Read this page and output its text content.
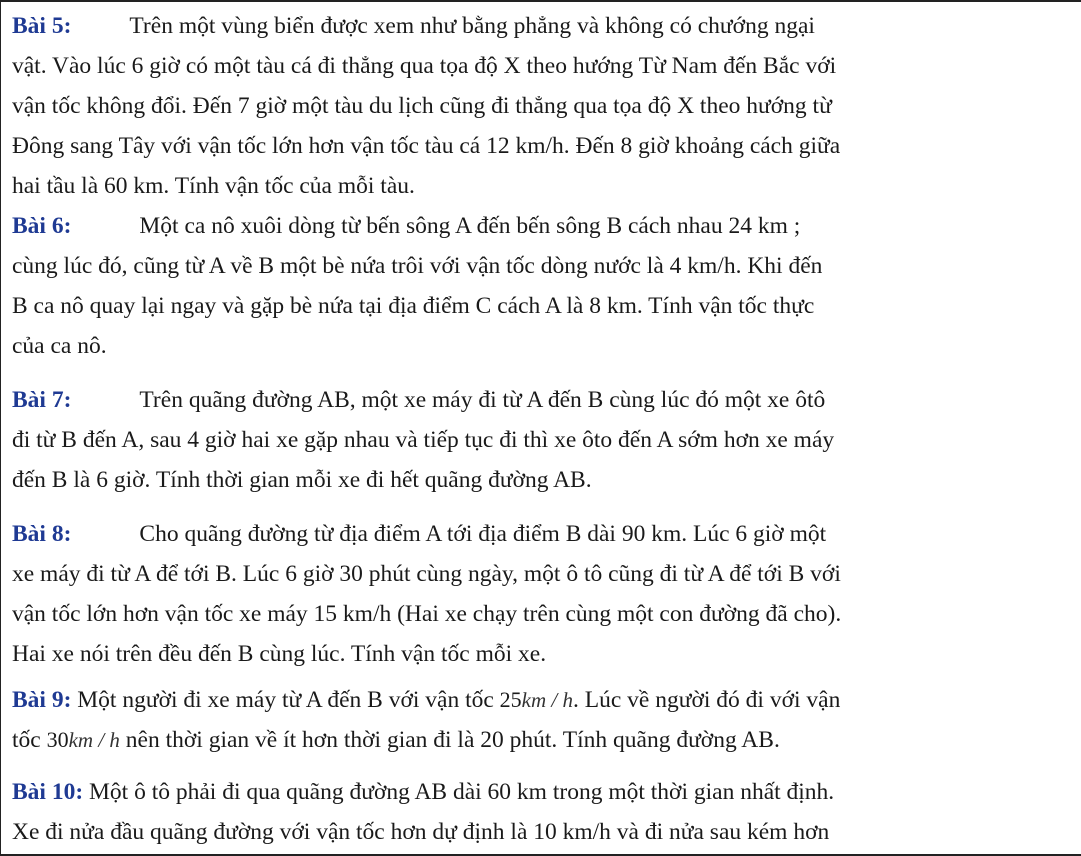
Bài 5: Trên một vùng biển được xem như bằng phẳng và không có chướng ngại
vật. Vào lúc 6 giờ có một tàu cá đi thẳng qua tọa độ X theo hướng Từ Nam đến Bắc với
vận tốc không đổi. Đến 7 giờ một tàu du lịch cũng đi thẳng qua tọa độ X theo hướng từ
Đông sang Tây với vận tốc lớn hơn vận tốc tàu cá 12 km/h. Đến 8 giờ khoảng cách giữa
hai tầu là 60 km. Tính vận tốc của mỗi tàu.
Bài 6:	Một ca nô xuôi dòng từ bến sông A đến bến sông B cách nhau 24 km ;
cùng lúc đó, cũng từ A về B một bè nứa trôi với vận tốc dòng nước là 4 km/h. Khi đến
B ca nô quay lại ngay và gặp bè nứa tại địa điểm C cách A là 8 km. Tính vận tốc thực
của ca nô.
Bài 7:	Trên quãng đường AB, một xe máy đi từ A đến B cùng lúc đó một xe ôtô
đi từ B đến A, sau 4 giờ hai xe gặp nhau và tiếp tục đi thì xe ôto đến A sớm hơn xe máy
đến B là 6 giờ. Tính thời gian mỗi xe đi hết quãng đường AB.
Bài 8:	Cho quãng đường từ địa điểm A tới địa điểm B dài 90 km. Lúc 6 giờ một
xe máy đi từ A để tới B. Lúc 6 giờ 30 phút cùng ngày, một ô tô cũng đi từ A để tới B với
vận tốc lớn hơn vận tốc xe máy 15 km/h (Hai xe chạy trên cùng một con đường đã cho).
Hai xe nói trên đều đến B cùng lúc. Tính vận tốc mỗi xe.
Bài 9: Một người đi xe máy từ A đến B với vận tốc 25km / h. Lúc về người đó đi với vận
tốc 30km / h nên thời gian về ít hơn thời gian đi là 20 phút. Tính quãng đường AB.
Bài 10: Một ô tô phải đi qua quãng đường AB dài 60 km trong một thời gian nhất định.
Xe đi nửa đầu quãng đường với vận tốc hơn dự định là 10 km/h và đi nửa sau kém hơn
